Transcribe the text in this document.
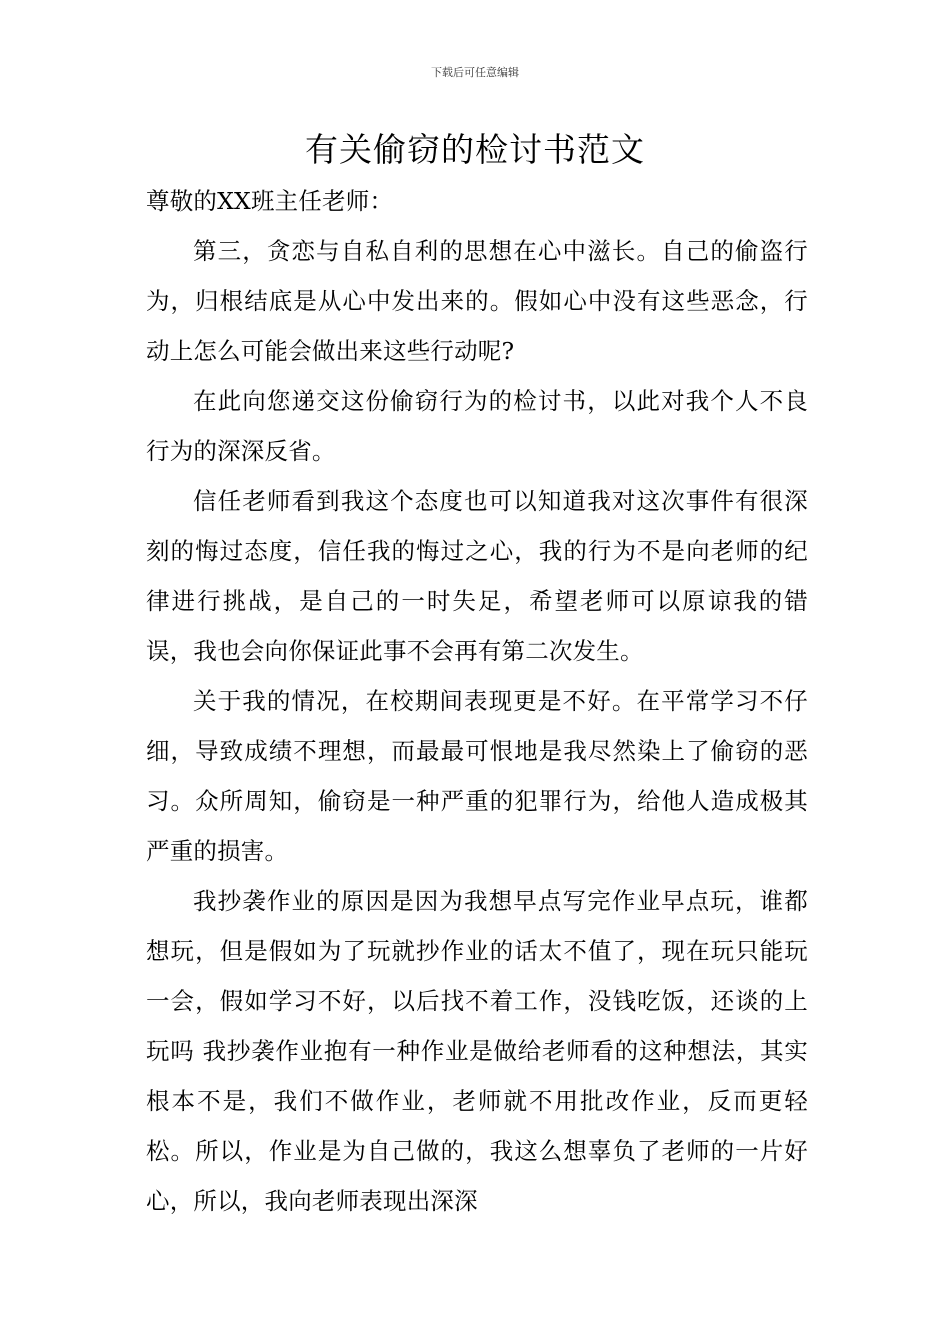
下载后可任意编辑
有关偷窃的检讨书范文

尊敬的XX班主任老师：

第三，贪恋与自私自利的思想在心中滋长。自己的偷盗行为，归根结底是从心中发出来的。假如心中没有这些恶念，行动上怎么可能会做出来这些行动呢?

在此向您递交这份偷窃行为的检讨书，以此对我个人不良行为的深深反省。

信任老师看到我这个态度也可以知道我对这次事件有很深刻的悔过态度，信任我的悔过之心，我的行为不是向老师的纪律进行挑战，是自己的一时失足，希望老师可以原谅我的错误，我也会向你保证此事不会再有第二次发生。

关于我的情况，在校期间表现更是不好。在平常学习不仔细，导致成绩不理想，而最最可恨地是我尽然染上了偷窃的恶习。众所周知，偷窃是一种严重的犯罪行为，给他人造成极其严重的损害。

我抄袭作业的原因是因为我想早点写完作业早点玩，谁都想玩，但是假如为了玩就抄作业的话太不值了，现在玩只能玩一会，假如学习不好，以后找不着工作，没钱吃饭，还谈的上玩吗 我抄袭作业抱有一种作业是做给老师看的这种想法，其实根本不是，我们不做作业，老师就不用批改作业，反而更轻松。所以，作业是为自己做的，我这么想辜负了老师的一片好心，所以，我向老师表现出深深
